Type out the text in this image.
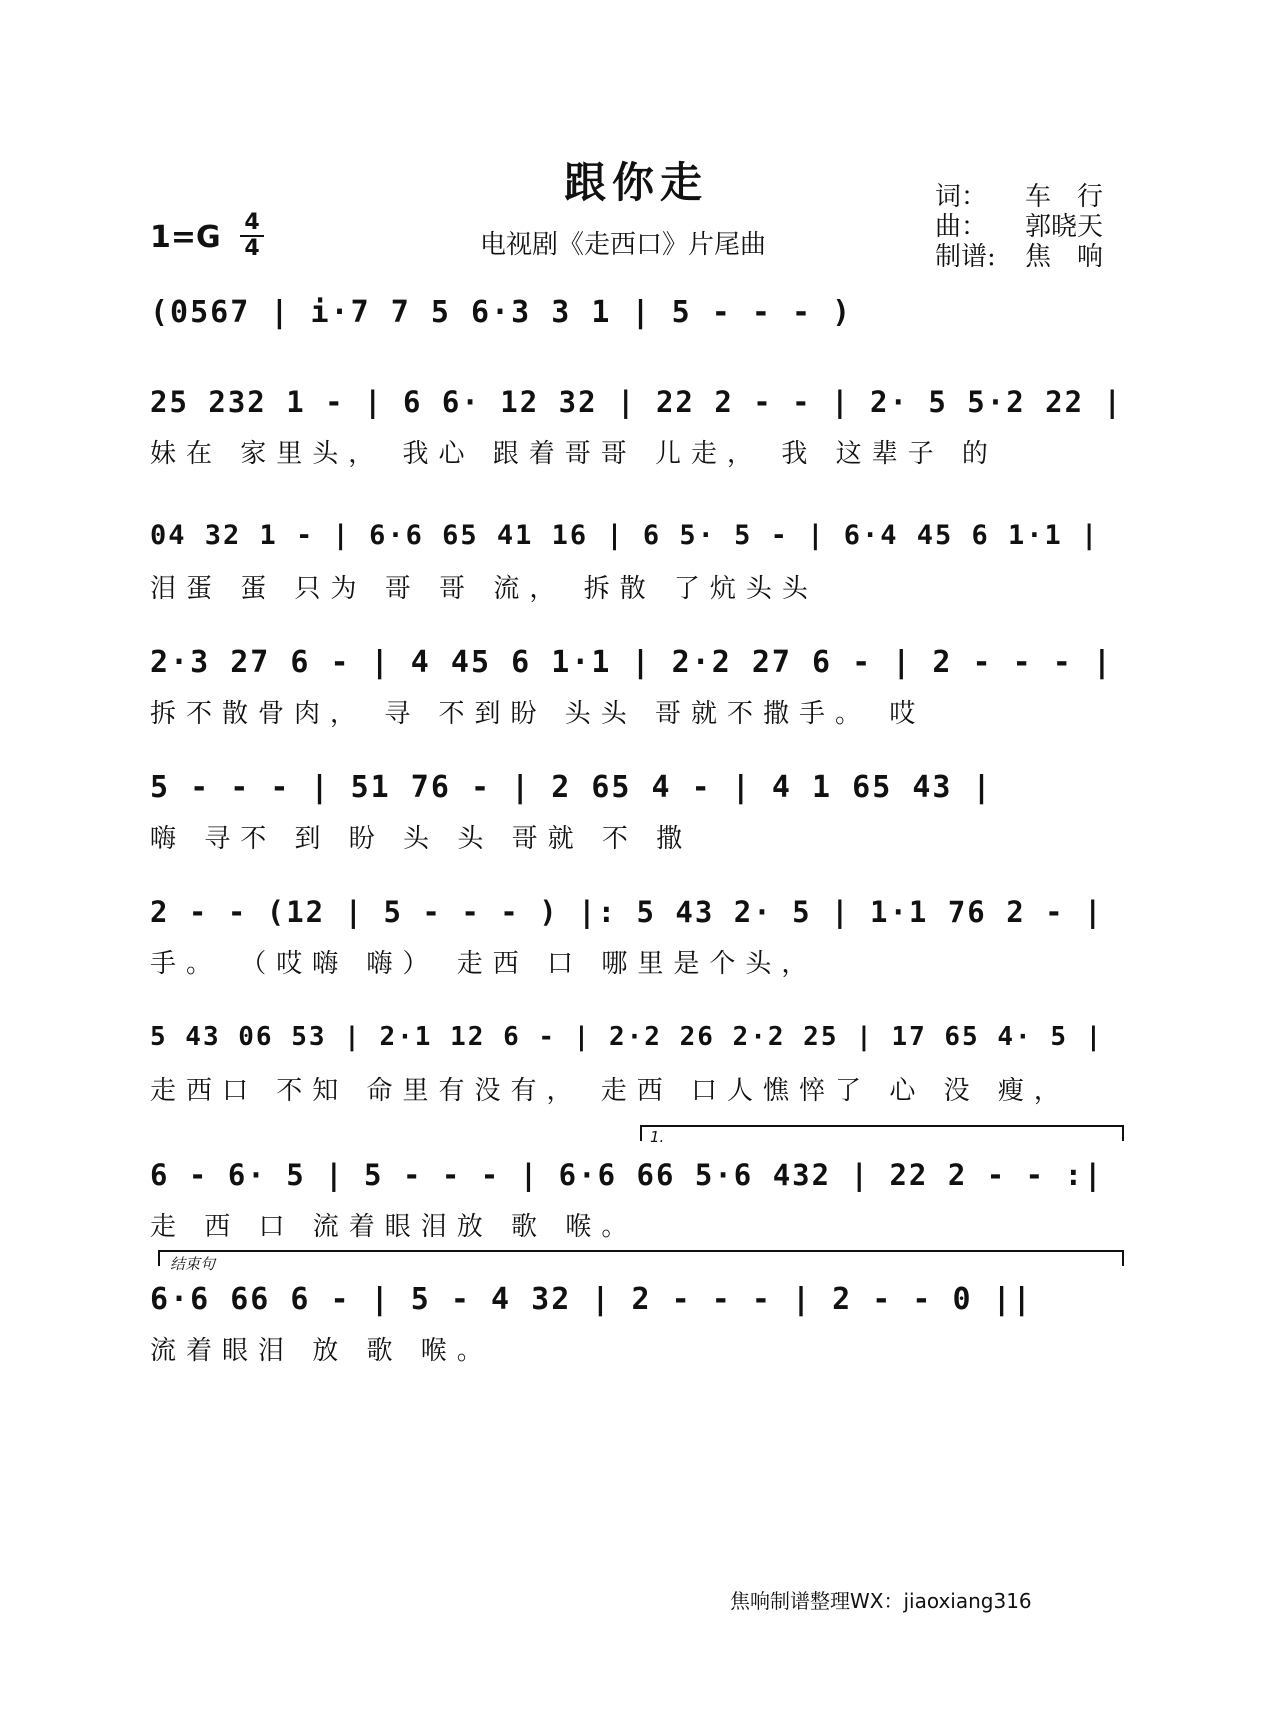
跟你走
1=G 4
4	电视剧《走西口》片尾曲
词： 车　行
曲： 郭晓天
制谱: 焦　响
(0567 | i·7 7 5 6·3 3 1 | 5 - - - )
25 232 1 - | 6 6· 12 32 | 22 2 - - | 2· 5 5·2 22 |
妹在 家里头， 我心 跟着哥哥 儿走， 我 这辈子 的
04 32 1 - | 6·6 65 41 16 | 6 5· 5 - | 6·4 45 6 1·1 |
泪蛋 蛋 只为 哥 哥 流， 拆散 了炕头头
2·3 27 6 - | 4 45 6 1·1 | 2·2 27 6 - | 2 - - - |
拆不散骨肉， 寻 不到盼 头头 哥就不撒手。 哎
5 - - - | 51 76 - | 2 65 4 - | 4 1 65 43 |
嗨 寻不 到 盼 头 头 哥就 不 撒
2 - - (12 | 5 - - - ) |: 5 43 2· 5 | 1·1 76 2 - |
手。 （哎嗨 嗨） 走西 口 哪里是个头，
5 43 06 53 | 2·1 12 6 - | 2·2 26 2·2 25 | 17 65 4· 5 |
走西口 不知 命里有没有， 走西 口人憔悴了 心 没 瘦，
1.
6 - 6· 5 | 5 - - - | 6·6 66 5·6 432 | 22 2 - - :|
走 西 口 流着眼泪放 歌 喉。
结束句
6·6 66 6 - | 5 - 4 32 | 2 - - - | 2 - - 0 ||
流着眼泪 放 歌 喉。
焦响制谱整理WX：jiaoxiang316
